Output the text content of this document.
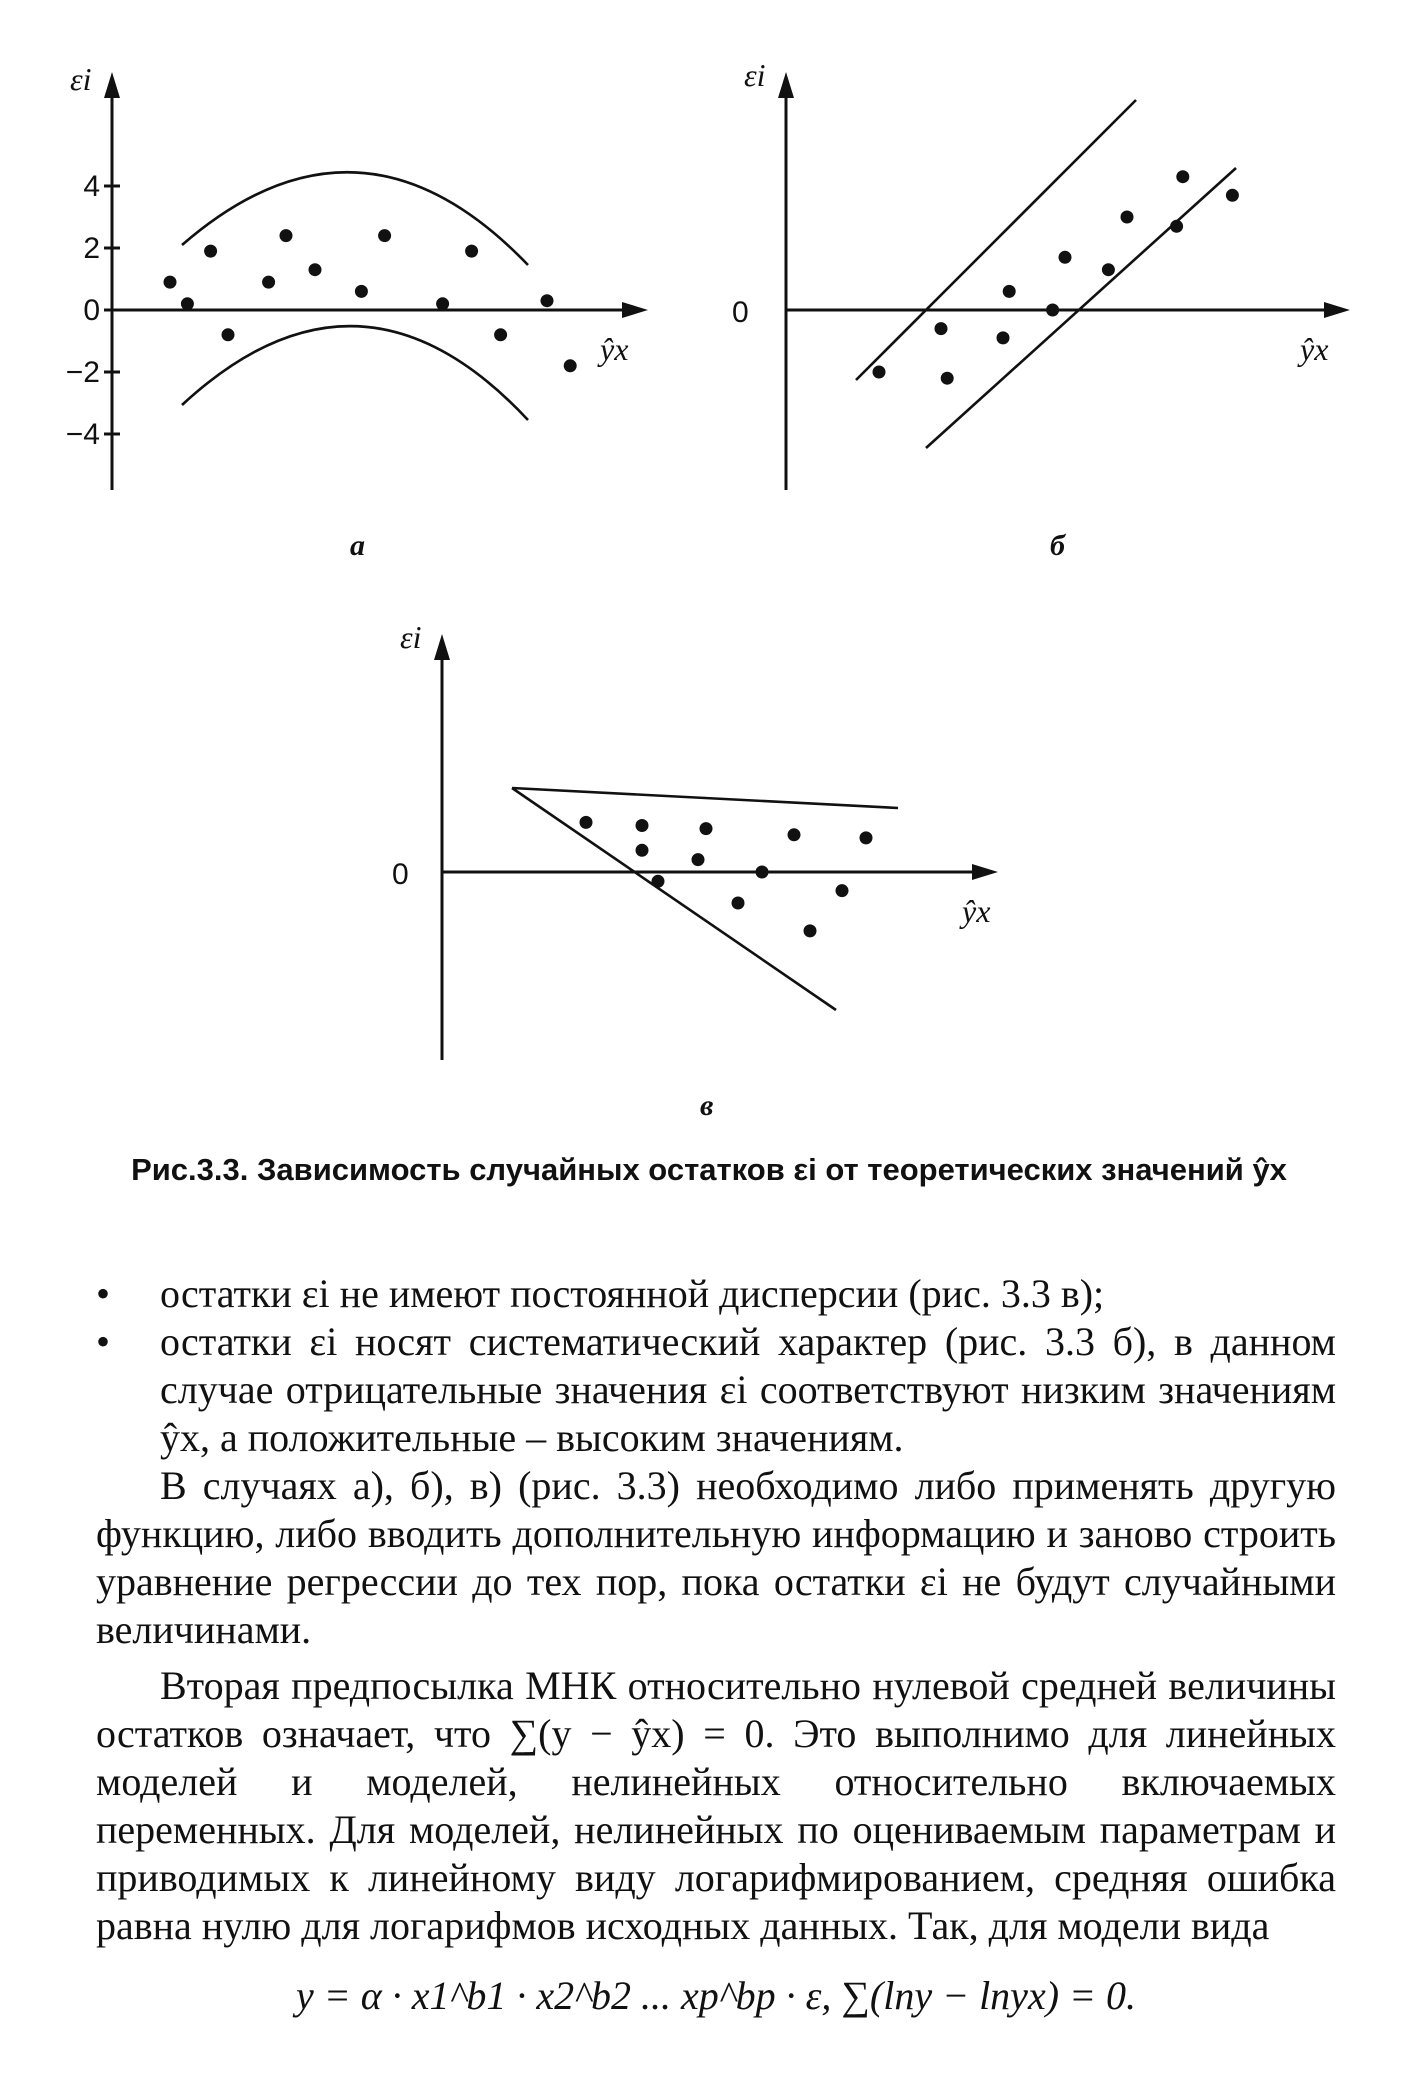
4
2
0
−2
−4
εi
ŷx
а
0
εi
ŷx
б
0
εi
ŷx
в
Рис.3.3. Зависимость случайных остатков εi от теоретических значений ŷx
• остатки εi не имеют постоянной дисперсии (рис. 3.3 в);
• остатки εi носят систематический характер (рис. 3.3 б), в данном случае отрицательные значения εi соответствуют низким значениям ŷx, а положительные – высоким значениям.
В случаях а), б), в) (рис. 3.3) необходимо либо применять другую функцию, либо вводить дополнительную информацию и заново строить уравнение регрессии до тех пор, пока остатки εi не будут случайными величинами.
Вторая предпосылка МНК относительно нулевой средней величины остатков означает, что ∑(y − ŷx) = 0. Это выполнимо для линейных моделей и моделей, нелинейных относительно включаемых переменных. Для моделей, нелинейных по оцениваемым параметрам и приводимых к линейному виду логарифмированием, средняя ошибка равна нулю для логарифмов исходных данных. Так, для модели вида
y = α · x1^b1 · x2^b2 ... xp^bp · ε, ∑(lny − lnyx) = 0.
